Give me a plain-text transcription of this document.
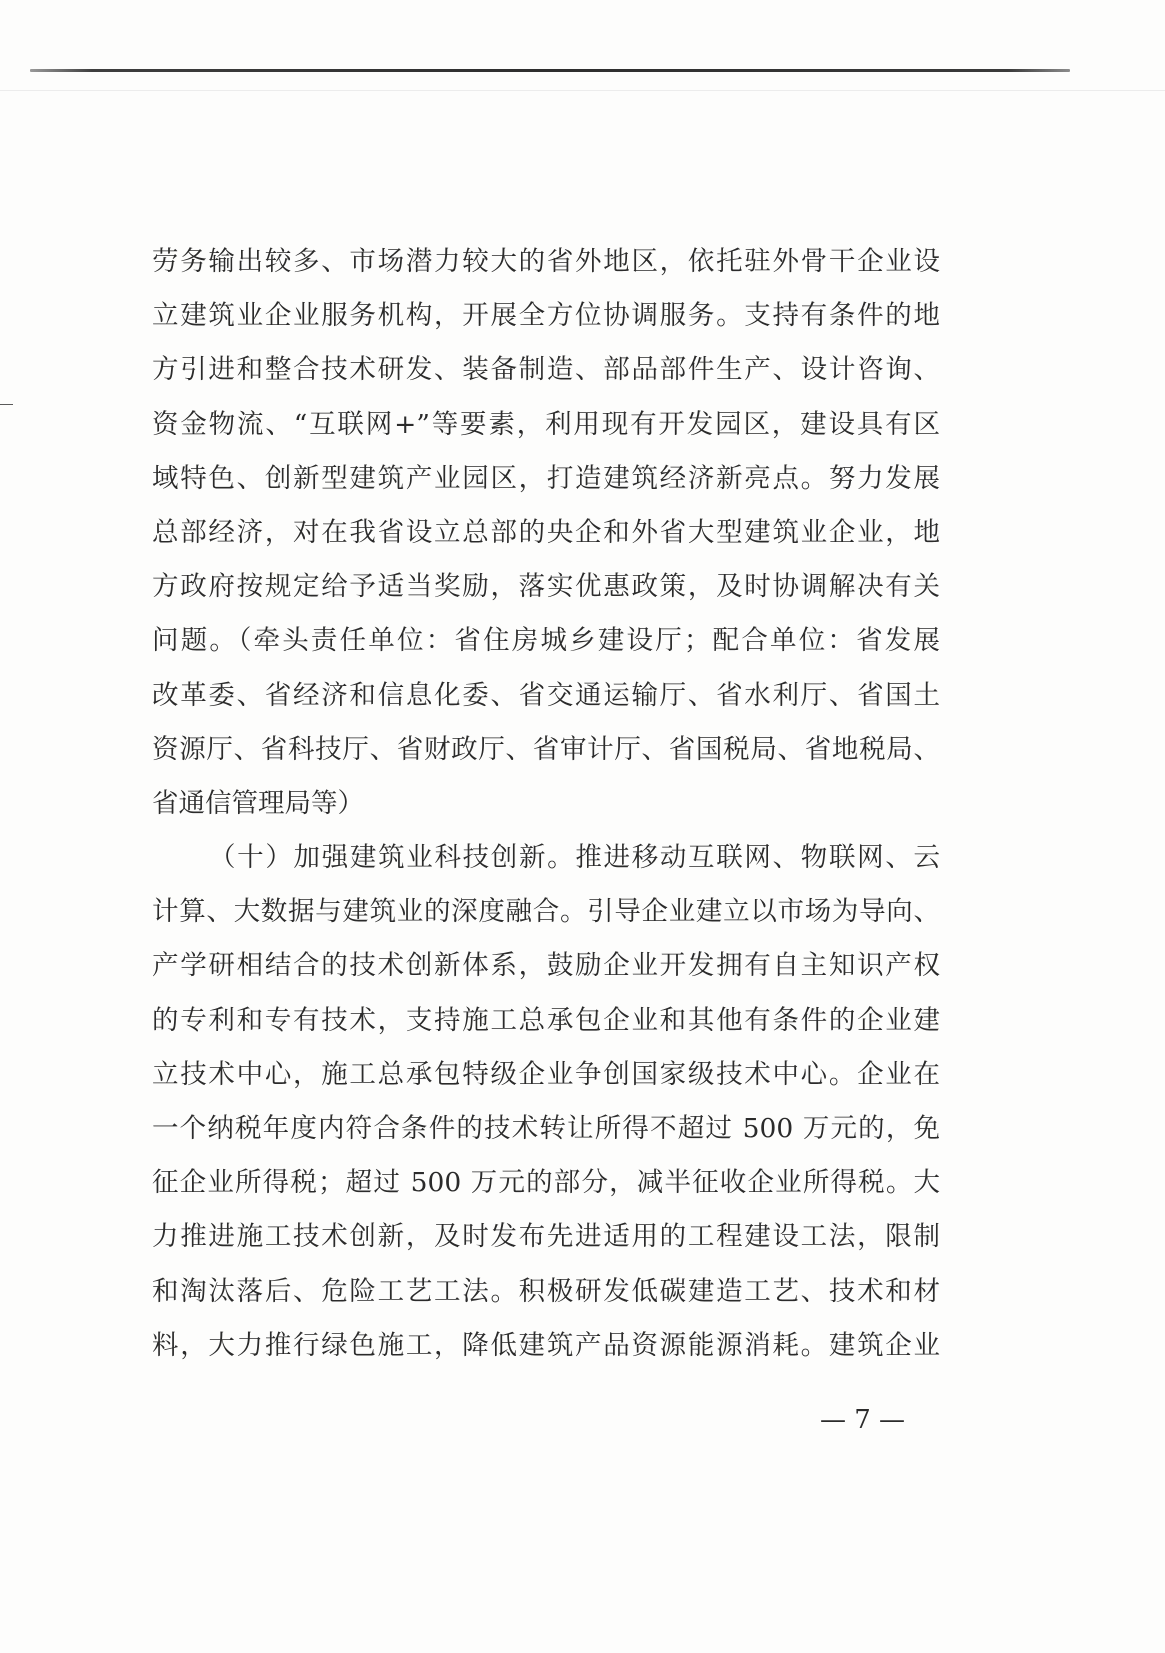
劳务输出较多、市场潜力较大的省外地区，依托驻外骨干企业设
立建筑业企业服务机构，开展全方位协调服务。支持有条件的地
方引进和整合技术研发、装备制造、部品部件生产、设计咨询、
资金物流、“互联网+”等要素，利用现有开发园区，建设具有区
域特色、创新型建筑产业园区，打造建筑经济新亮点。努力发展
总部经济，对在我省设立总部的央企和外省大型建筑业企业，地
方政府按规定给予适当奖励，落实优惠政策，及时协调解决有关
问题。（牵头责任单位：省住房城乡建设厅；配合单位：省发展
改革委、省经济和信息化委、省交通运输厅、省水利厅、省国土
资源厅、省科技厅、省财政厅、省审计厅、省国税局、省地税局、
省通信管理局等）
（十）加强建筑业科技创新。推进移动互联网、物联网、云
计算、大数据与建筑业的深度融合。引导企业建立以市场为导向、
产学研相结合的技术创新体系，鼓励企业开发拥有自主知识产权
的专利和专有技术，支持施工总承包企业和其他有条件的企业建
立技术中心，施工总承包特级企业争创国家级技术中心。企业在
一个纳税年度内符合条件的技术转让所得不超过 500 万元的，免
征企业所得税；超过 500 万元的部分，减半征收企业所得税。大
力推进施工技术创新，及时发布先进适用的工程建设工法，限制
和淘汰落后、危险工艺工法。积极研发低碳建造工艺、技术和材
料，大力推行绿色施工，降低建筑产品资源能源消耗。建筑企业
— 7 —
